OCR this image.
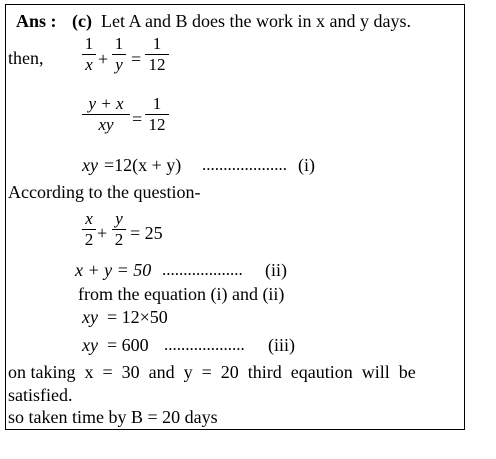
Ans : (c) Let A and B does the work in x and y days.
then,
1
x +
1
y =
1
12
y + x
xy	=
1
12
xy =12(x + y) .................... (i)
According to the question-
x
2 +
y
2 = 25
x + y = 50 ................... (ii)
from the equation (i) and (ii)
xy = 12×50
xy = 600 ................... (iii)
on taking  x  =  30  and  y  =  20  third  eqaution  will  be
satisfied.
so taken time by B = 20 days
